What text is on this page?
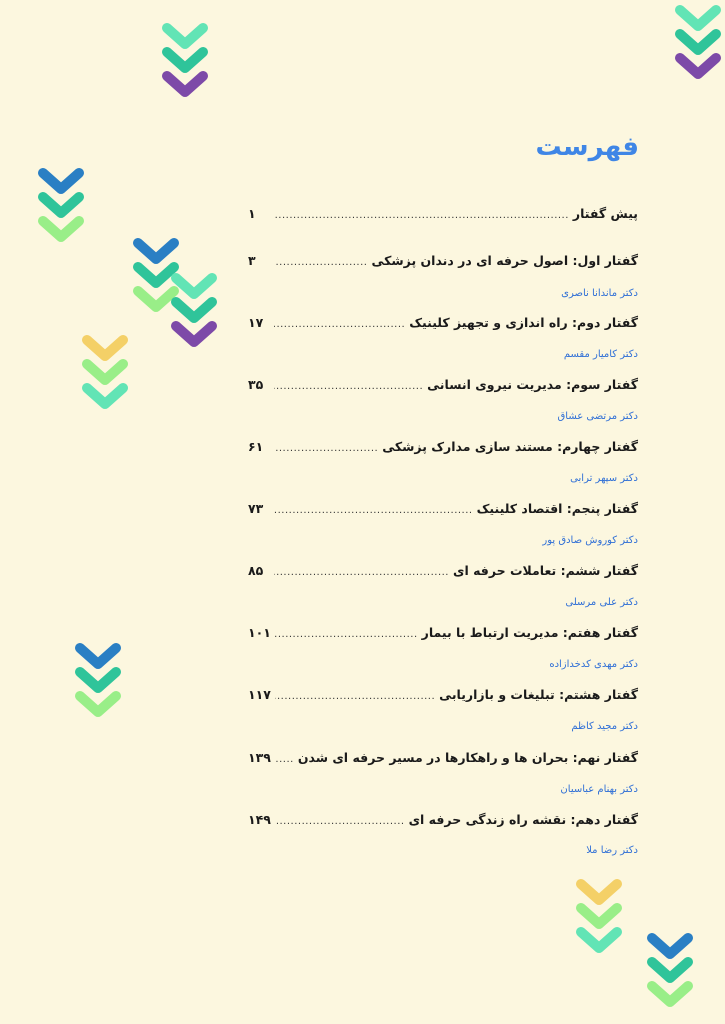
فهرست
پیش گفتار
.....
۱
گفتار اول: اصول حرفه ای در دندان پزشکی
.....
۳
دکتر ماندانا ناصری
گفتار دوم: راه اندازی و تجهیز کلینیک
.....
۱۷
دکتر کامیار مقسم
گفتار سوم: مدیریت نیروی انسانی
.....
۳۵
دکتر مرتضی عشاق
گفتار چهارم: مستند سازی مدارک پزشکی
.....
۶۱
دکتر سپهر ترابی
گفتار پنجم: اقتصاد کلینیک
.....
۷۳
دکتر کوروش صادق پور
گفتار ششم: تعاملات حرفه ای
.....
۸۵
دکتر علی مرسلی
گفتار هفتم: مدیریت ارتباط با بیمار
.....
۱۰۱
دکتر مهدی کدخدازاده
گفتار هشتم: تبلیغات و بازاریابی
.....
۱۱۷
دکتر مجید کاظم
گفتار نهم: بحران ها و راهکارها در مسیر حرفه ای شدن
.....
۱۳۹
دکتر بهنام عباسیان
گفتار دهم: نقشه راه زندگی حرفه ای
.....
۱۴۹
دکتر رضا ملا
